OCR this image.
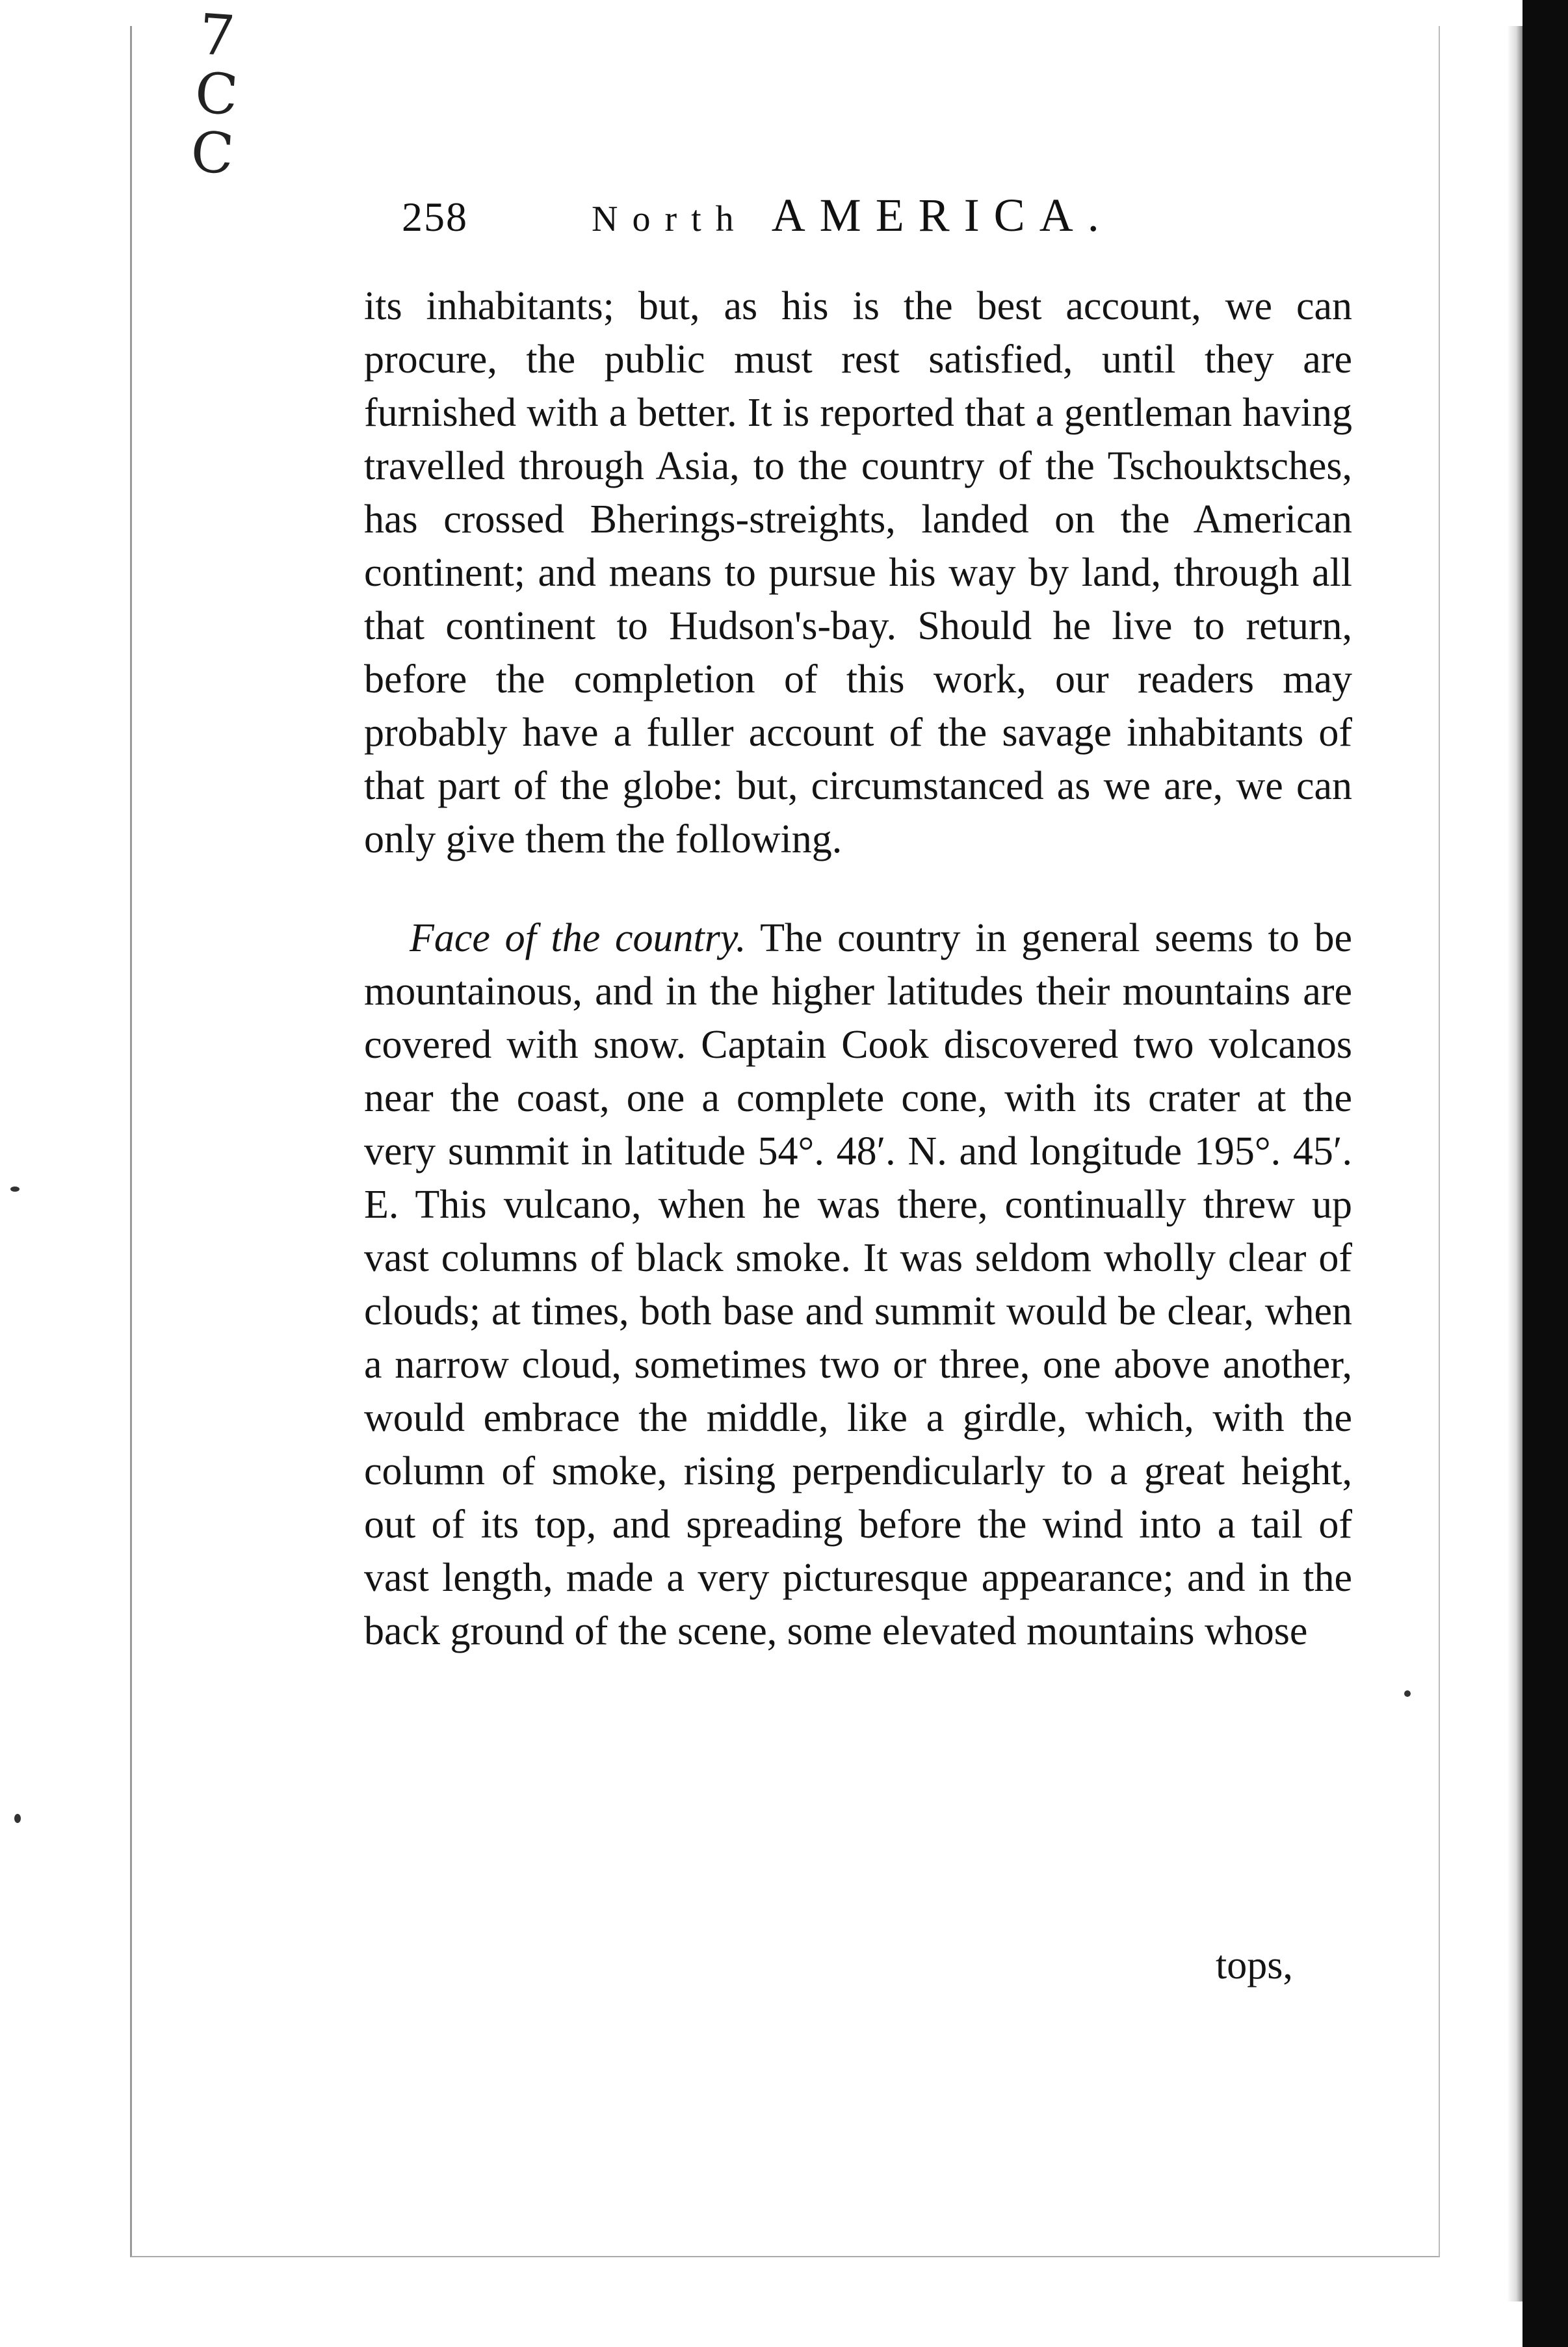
7
C
C
258	North AMERICA.

its inhabitants; but, as his is the best account, we can procure, the public must rest satisfied, until they are furnished with a better. It is reported that a gentleman having travelled through Asia, to the country of the Tschouktsches, has crossed Bherings-streights, landed on the American continent; and means to pursue his way by land, through all that continent to Hudson's-bay. Should he live to return, before the completion of this work, our readers may probably have a fuller account of the savage inhabitants of that part of the globe: but, circumstanced as we are, we can only give them the following.

Face of the country. The country in general seems to be mountainous, and in the higher latitudes their mountains are covered with snow. Captain Cook discovered two volcanos near the coast, one a complete cone, with its crater at the very summit in latitude 54°. 48′. N. and longitude 195°. 45′. E. This vulcano, when he was there, continually threw up vast columns of black smoke. It was seldom wholly clear of clouds; at times, both base and summit would be clear, when a narrow cloud, sometimes two or three, one above another, would embrace the middle, like a girdle, which, with the column of smoke, rising perpendicularly to a great height, out of its top, and spreading before the wind into a tail of vast length, made a very picturesque appearance; and in the back ground of the scene, some elevated mountains whose

tops,
